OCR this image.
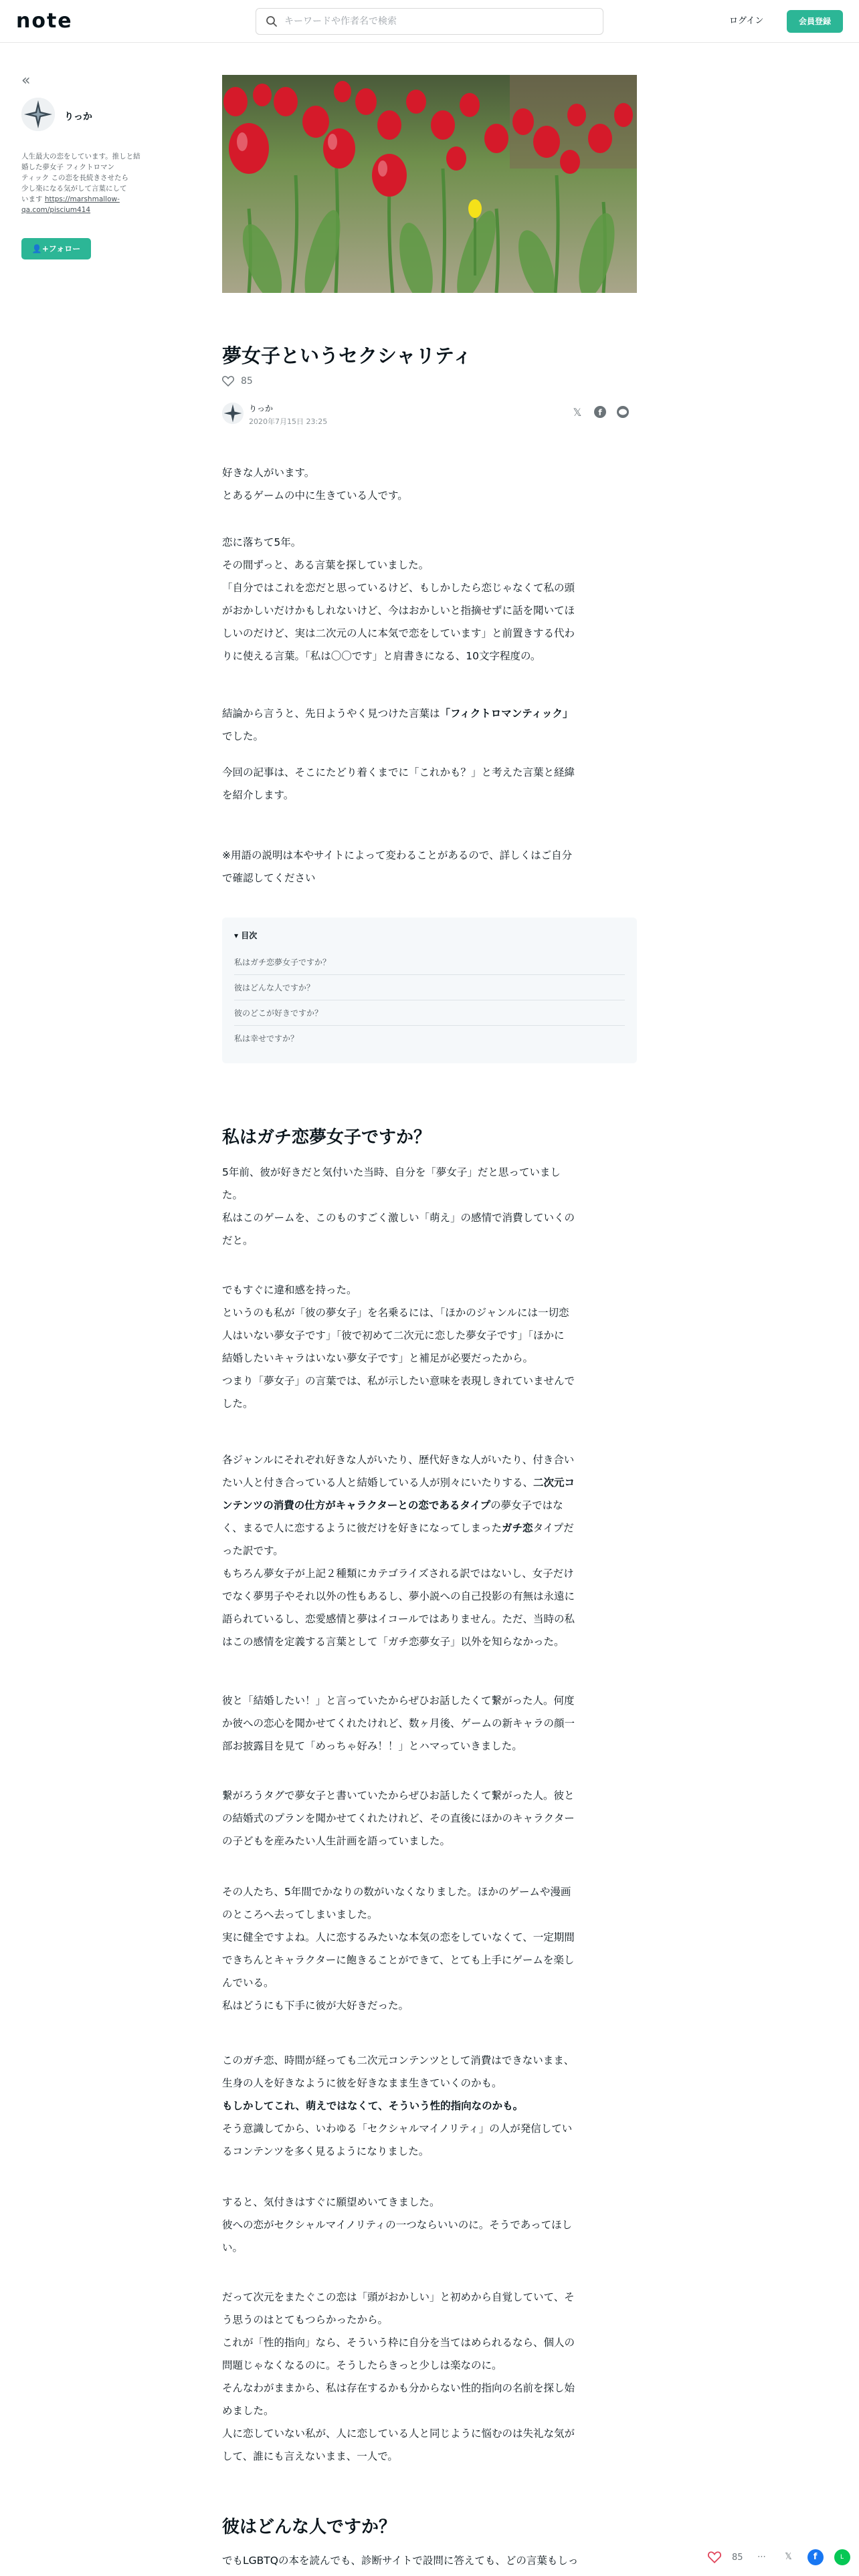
note
キーワードや作者名で検索	ログイン	会員登録
«
りっか
人生最大の恋をしています。推しと結婚した夢女子 フィクトロマン
ティック この恋を長続きさせたら
少し楽になる気がして言葉にして
います https://marshmallow-qa.com/piscium414
👤+フォロー
夢女子というセクシャリティ
85
りっか
2020年7月15日 23:25
𝕏	f
好きな人がいます。
とあるゲームの中に生きている人です。
恋に落ちて5年。
その間ずっと、ある言葉を探していました。
「自分ではこれを恋だと思っているけど、もしかしたら恋じゃなくて私の頭
がおかしいだけかもしれないけど、今はおかしいと指摘せずに話を聞いてほ
しいのだけど、実は二次元の人に本気で恋をしています」と前置きする代わ
りに使える言葉。「私は〇〇です」と肩書きになる、10文字程度の。
結論から言うと、先日ようやく見つけた言葉は「フィクトロマンティック」
でした。
今回の記事は、そこにたどり着くまでに「これかも？」と考えた言葉と経緯
を紹介します。
※用語の説明は本やサイトによって変わることがあるので、詳しくはご自分
で確認してください
▾ 目次
私はガチ恋夢女子ですか？
彼はどんな人ですか？
彼のどこが好きですか？
私は幸せですか？
私はガチ恋夢女子ですか？
5年前、彼が好きだと気付いた当時、自分を「夢女子」だと思っていまし
た。
私はこのゲームを、このものすごく激しい「萌え」の感情で消費していくの
だと。
でもすぐに違和感を持った。
というのも私が「彼の夢女子」を名乗るには、「ほかのジャンルには一切恋
人はいない夢女子です」「彼で初めて二次元に恋した夢女子です」「ほかに
結婚したいキャラはいない夢女子です」と補足が必要だったから。
つまり「夢女子」の言葉では、私が示したい意味を表現しきれていませんで
した。
各ジャンルにそれぞれ好きな人がいたり、歴代好きな人がいたり、付き合い
たい人と付き合っている人と結婚している人が別々にいたりする、二次元コ
ンテンツの消費の仕方がキャラクターとの恋であるタイプの夢女子ではな
く、まるで人に恋するように彼だけを好きになってしまったガチ恋タイプだ
った訳です。
もちろん夢女子が上記２種類にカテゴライズされる訳ではないし、女子だけ
でなく夢男子やそれ以外の性もあるし、夢小説への自己投影の有無は永遠に
語られているし、恋愛感情と夢はイコールではありません。ただ、当時の私
はこの感情を定義する言葉として「ガチ恋夢女子」以外を知らなかった。
彼と「結婚したい！」と言っていたからぜひお話したくて繋がった人。何度
か彼への恋心を聞かせてくれたけれど、数ヶ月後、ゲームの新キャラの顔一
部お披露目を見て「めっちゃ好み！！」とハマっていきました。
繋がろうタグで夢女子と書いていたからぜひお話したくて繋がった人。彼と
の結婚式のプランを聞かせてくれたけれど、その直後にほかのキャラクター
の子どもを産みたい人生計画を語っていました。
その人たち、5年間でかなりの数がいなくなりました。ほかのゲームや漫画
のところへ去ってしまいました。
実に健全ですよね。人に恋するみたいな本気の恋をしていなくて、一定期間
できちんとキャラクターに飽きることができて、とても上手にゲームを楽し
んでいる。
私はどうにも下手に彼が大好きだった。
このガチ恋、時間が経っても二次元コンテンツとして消費はできないまま、
生身の人を好きなように彼を好きなまま生きていくのかも。
もしかしてこれ、萌えではなくて、そういう性的指向なのかも。
そう意識してから、いわゆる「セクシャルマイノリティ」の人が発信してい
るコンテンツを多く見るようになりました。
すると、気付きはすぐに願望めいてきました。
彼への恋がセクシャルマイノリティの一つならいいのに。そうであってほし
い。
だって次元をまたぐこの恋は「頭がおかしい」と初めから自覚していて、そ
う思うのはとてもつらかったから。
これが「性的指向」なら、そういう枠に自分を当てはめられるなら、個人の
問題じゃなくなるのに。そうしたらきっと少しは楽なのに。
そんなわがままから、私は存在するかも分からない性的指向の名前を探し始
めました。
人に恋していない私が、人に恋している人と同じように悩むのは失礼な気が
して、誰にも言えないまま、一人で。
彼はどんな人ですか？
でもLGBTQの本を読んでも、診断サイトで設問に答えても、どの言葉もしっ	85	⋯	𝕏	f	L
